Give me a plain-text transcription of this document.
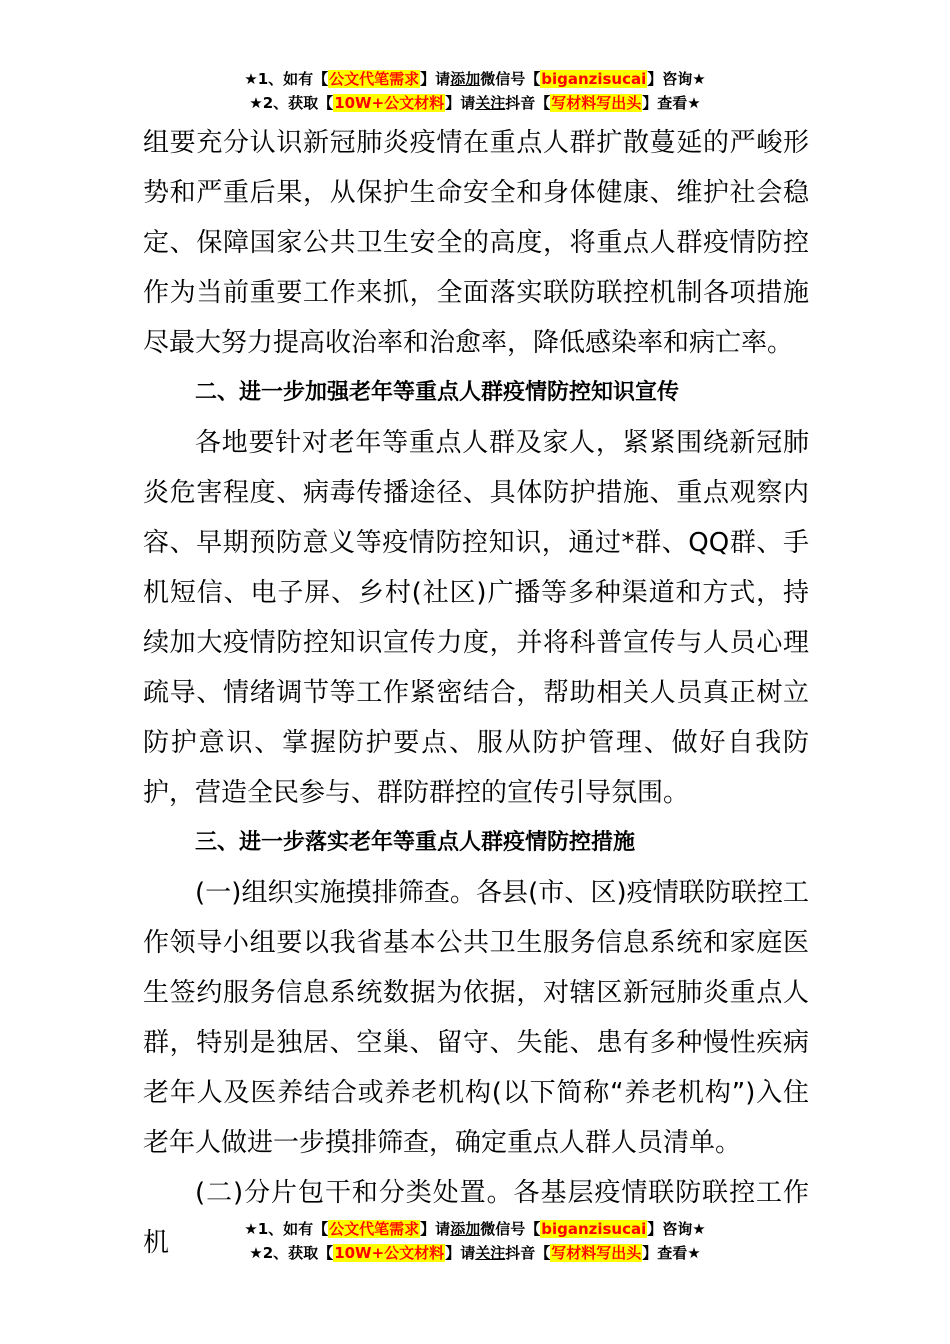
★1、如有【公文代笔需求】请添加微信号【biganzisucai】咨询★
★2、获取【10W+公文材料】请关注抖音【写材料写出头】查看★

组要充分认识新冠肺炎疫情在重点人群扩散蔓延的严峻形势和严重后果，从保护生命安全和身体健康、维护社会稳定、保障国家公共卫生安全的高度，将重点人群疫情防控作为当前重要工作来抓，全面落实联防联控机制各项措施尽最大努力提高收治率和治愈率，降低感染率和病亡率。

二、进一步加强老年等重点人群疫情防控知识宣传

各地要针对老年等重点人群及家人，紧紧围绕新冠肺炎危害程度、病毒传播途径、具体防护措施、重点观察内容、早期预防意义等疫情防控知识，通过*群、QQ群、手机短信、电子屏、乡村(社区)广播等多种渠道和方式，持续加大疫情防控知识宣传力度，并将科普宣传与人员心理疏导、情绪调节等工作紧密结合，帮助相关人员真正树立防护意识、掌握防护要点、服从防护管理、做好自我防护，营造全民参与、群防群控的宣传引导氛围。

三、进一步落实老年等重点人群疫情防控措施

(一)组织实施摸排筛查。各县(市、区)疫情联防联控工作领导小组要以我省基本公共卫生服务信息系统和家庭医生签约服务信息系统数据为依据，对辖区新冠肺炎重点人群，特别是独居、空巢、留守、失能、患有多种慢性疾病老年人及医养结合或养老机构(以下简称“养老机构”)入住老年人做进一步摸排筛查，确定重点人群人员清单。

(二)分片包干和分类处置。各基层疫情联防联控工作机	★1、如有【公文代笔需求】请添加微信号【biganzisucai】咨询★
★2、获取【10W+公文材料】请关注抖音【写材料写出头】查看★
